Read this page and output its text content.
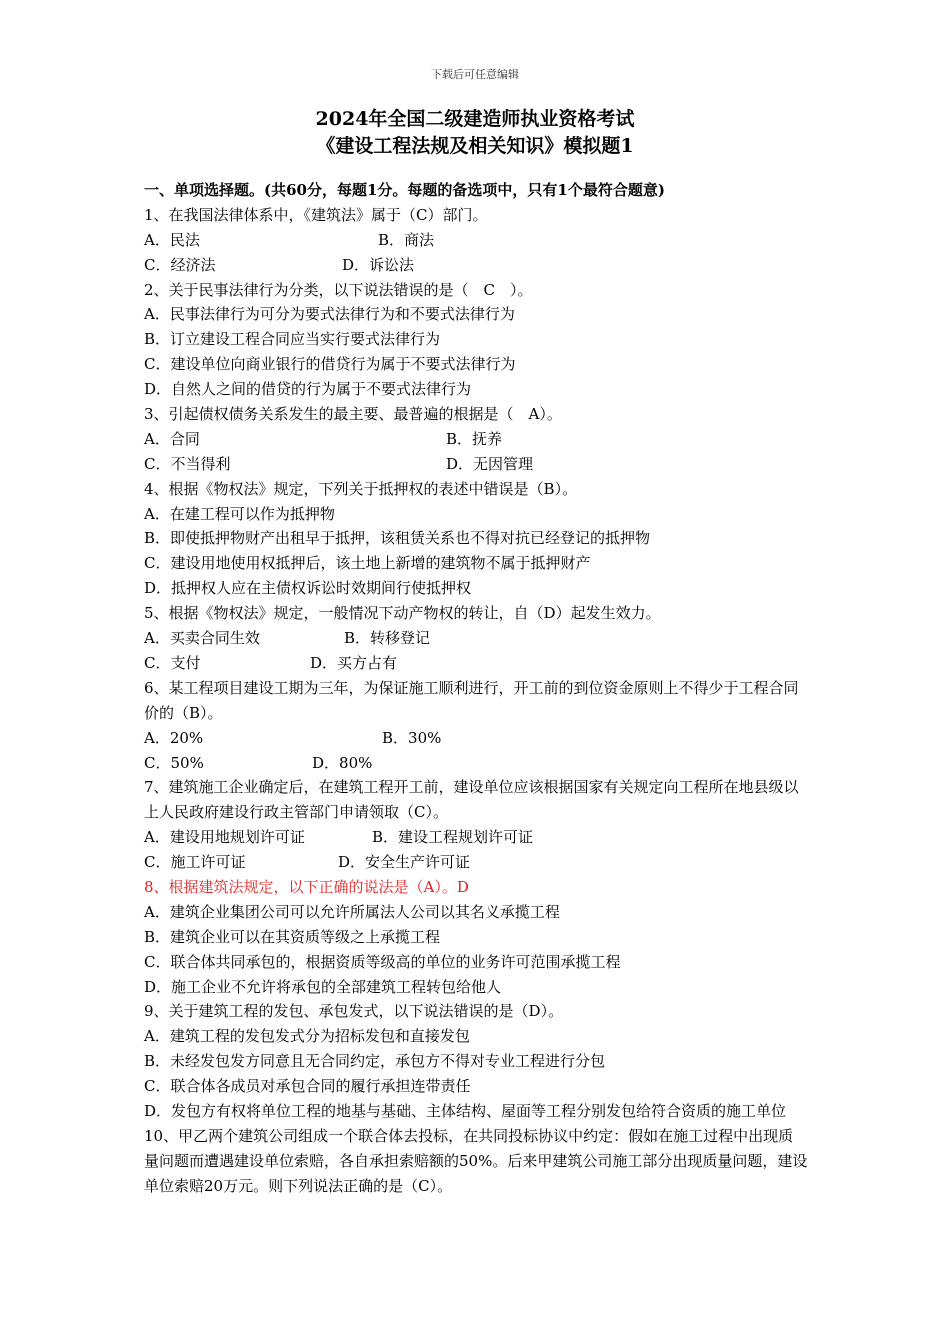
下载后可任意编辑
2024年全国二级建造师执业资格考试
《建设工程法规及相关知识》模拟题1
一、单项选择题。(共60分，每题1分。每题的备选项中，只有1个最符合题意)
1、在我国法律体系中，《建筑法》属于（C）部门。
A．民法	B．商法
C．经济法	D．诉讼法
2、关于民事法律行为分类，以下说法错误的是（　C　）。
A．民事法律行为可分为要式法律行为和不要式法律行为
B．订立建设工程合同应当实行要式法律行为
C．建设单位向商业银行的借贷行为属于不要式法律行为
D．自然人之间的借贷的行为属于不要式法律行为
3、引起债权债务关系发生的最主要、最普遍的根据是（　A）。
A．合同	B．抚养
C．不当得利	D．无因管理
4、根据《物权法》规定，下列关于抵押权的表述中错误是（B）。
A．在建工程可以作为抵押物
B．即使抵押物财产出租早于抵押，该租赁关系也不得对抗已经登记的抵押物
C．建设用地使用权抵押后，该土地上新增的建筑物不属于抵押财产
D．抵押权人应在主债权诉讼时效期间行使抵押权
5、根据《物权法》规定，一般情况下动产物权的转让，自（D）起发生效力。
A．买卖合同生效	B．转移登记
C．支付	D．买方占有
6、某工程项目建设工期为三年，为保证施工顺利进行，开工前的到位资金原则上不得少于工程合同价的（B）。
A．20%	B．30%
C．50%	D．80%
7、建筑施工企业确定后，在建筑工程开工前，建设单位应该根据国家有关规定向工程所在地县级以上人民政府建设行政主管部门申请领取（C）。
A．建设用地规划许可证	B．建设工程规划许可证
C．施工许可证	D．安全生产许可证
8、根据建筑法规定，以下正确的说法是（A）。D
A．建筑企业集团公司可以允许所属法人公司以其名义承揽工程
B．建筑企业可以在其资质等级之上承揽工程
C．联合体共同承包的，根据资质等级高的单位的业务许可范围承揽工程
D．施工企业不允许将承包的全部建筑工程转包给他人
9、关于建筑工程的发包、承包发式，以下说法错误的是（D）。
A．建筑工程的发包发式分为招标发包和直接发包
B．未经发包发方同意且无合同约定，承包方不得对专业工程进行分包
C．联合体各成员对承包合同的履行承担连带责任
D．发包方有权将单位工程的地基与基础、主体结构、屋面等工程分别发包给符合资质的施工单位
10、甲乙两个建筑公司组成一个联合体去投标，在共同投标协议中约定：假如在施工过程中出现质量问题而遭遇建设单位索赔，各自承担索赔额的50%。后来甲建筑公司施工部分出现质量问题，建设单位索赔20万元。则下列说法正确的是（C）。
